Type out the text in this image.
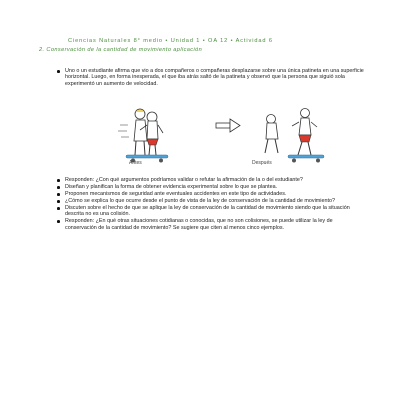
Ciencias Naturales 8° medio • Unidad 1 • OA 12 • Actividad 6
2. Conservación de la cantidad de movimiento aplicación
Uno o un estudiante afirma que vio a dos compañeros o compañeras desplazarse sobre una única patineta en una superficie horizontal. Luego, en forma inesperada, el que iba atrás saltó de la patineta y observó que la persona que siguió sola experimentó un aumento de velocidad.
Antes	Después
Responden: ¿Con qué argumentos podríamos validar o refutar la afirmación de la o del estudiante?
Diseñan y planifican la forma de obtener evidencia experimental sobre lo que se plantea.
Proponen mecanismos de seguridad ante eventuales accidentes en este tipo de actividades.
¿Cómo se explica lo que ocurre desde el punto de vista de la ley de conservación de la cantidad de movimiento?
Discuten sobre el hecho de que se aplique la ley de conservación de la cantidad de movimiento siendo que la situación descrita no es una colisión.
Responden: ¿En qué otras situaciones cotidianas o conocidas, que no son colisiones, se puede utilizar la ley de conservación de la cantidad de movimiento? Se sugiere que citen al menos cinco ejemplos.
